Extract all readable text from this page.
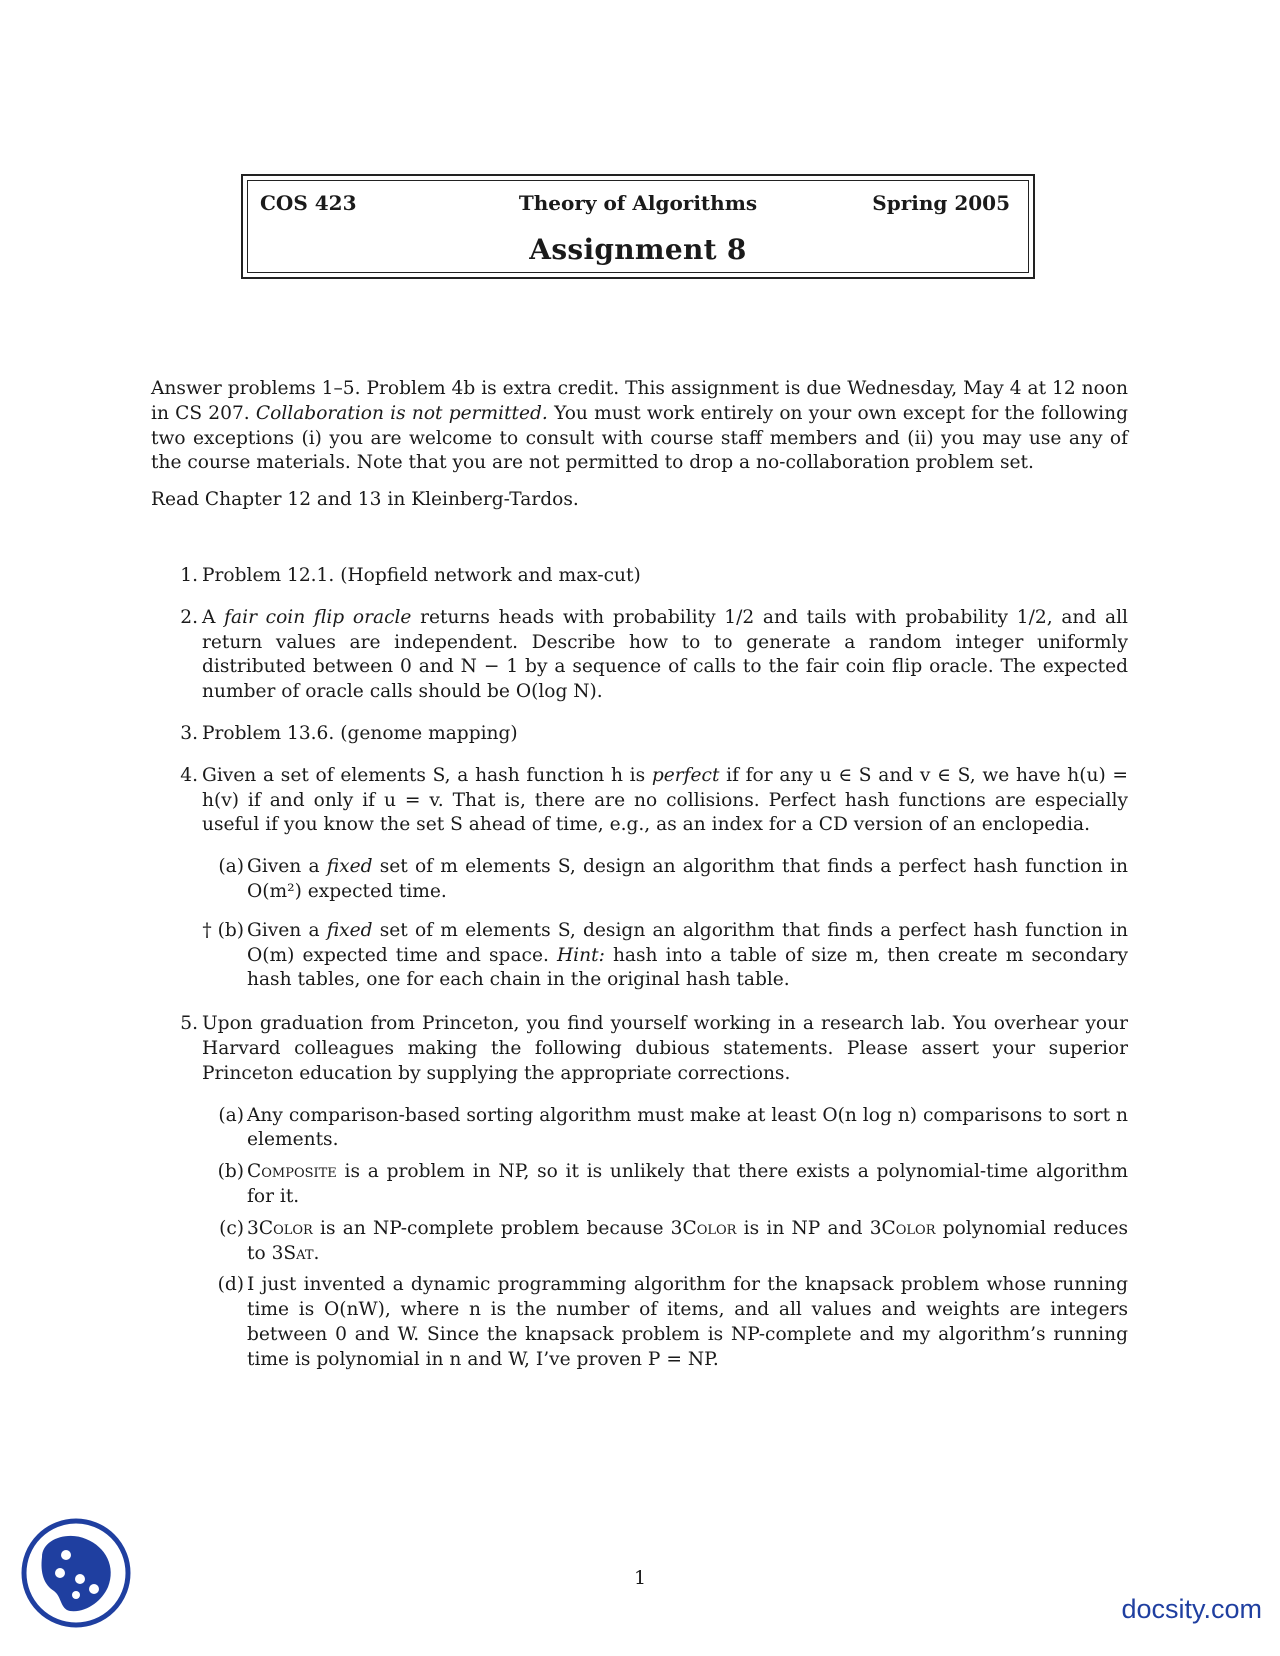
COS 423	Theory of Algorithms	Spring 2005
Assignment 8

Answer problems 1–5. Problem 4b is extra credit. This assignment is due Wednesday, May 4 at 12 noon in CS 207. Collaboration is not permitted. You must work entirely on your own except for the following two exceptions (i) you are welcome to consult with course staff members and (ii) you may use any of the course materials. Note that you are not permitted to drop a no-collaboration problem set.

Read Chapter 12 and 13 in Kleinberg-Tardos.

1. Problem 12.1. (Hopfield network and max-cut)
2. A fair coin flip oracle returns heads with probability 1/2 and tails with probability 1/2, and all return values are independent. Describe how to to generate a random integer uniformly distributed between 0 and N − 1 by a sequence of calls to the fair coin flip oracle. The expected number of oracle calls should be O(log N).
3. Problem 13.6. (genome mapping)
4. Given a set of elements S, a hash function h is perfect if for any u ∈ S and v ∈ S, we have h(u) = h(v) if and only if u = v. That is, there are no collisions. Perfect hash functions are especially useful if you know the set S ahead of time, e.g., as an index for a CD version of an enclopedia.
(a) Given a fixed set of m elements S, design an algorithm that finds a perfect hash function in O(m²) expected time.
† (b) Given a fixed set of m elements S, design an algorithm that finds a perfect hash function in O(m) expected time and space. Hint: hash into a table of size m, then create m secondary hash tables, one for each chain in the original hash table.
5. Upon graduation from Princeton, you find yourself working in a research lab. You overhear your Harvard colleagues making the following dubious statements. Please assert your superior Princeton education by supplying the appropriate corrections.
(a) Any comparison-based sorting algorithm must make at least O(n log n) comparisons to sort n elements.
(b) Composite is a problem in NP, so it is unlikely that there exists a polynomial-time algorithm for it.
(c) 3Color is an NP-complete problem because 3Color is in NP and 3Color polynomial reduces to 3Sat.
(d) I just invented a dynamic programming algorithm for the knapsack problem whose running time is O(nW), where n is the number of items, and all values and weights are integers between 0 and W. Since the knapsack problem is NP-complete and my algorithm’s running time is polynomial in n and W, I’ve proven P = NP.
1
docsity.com
